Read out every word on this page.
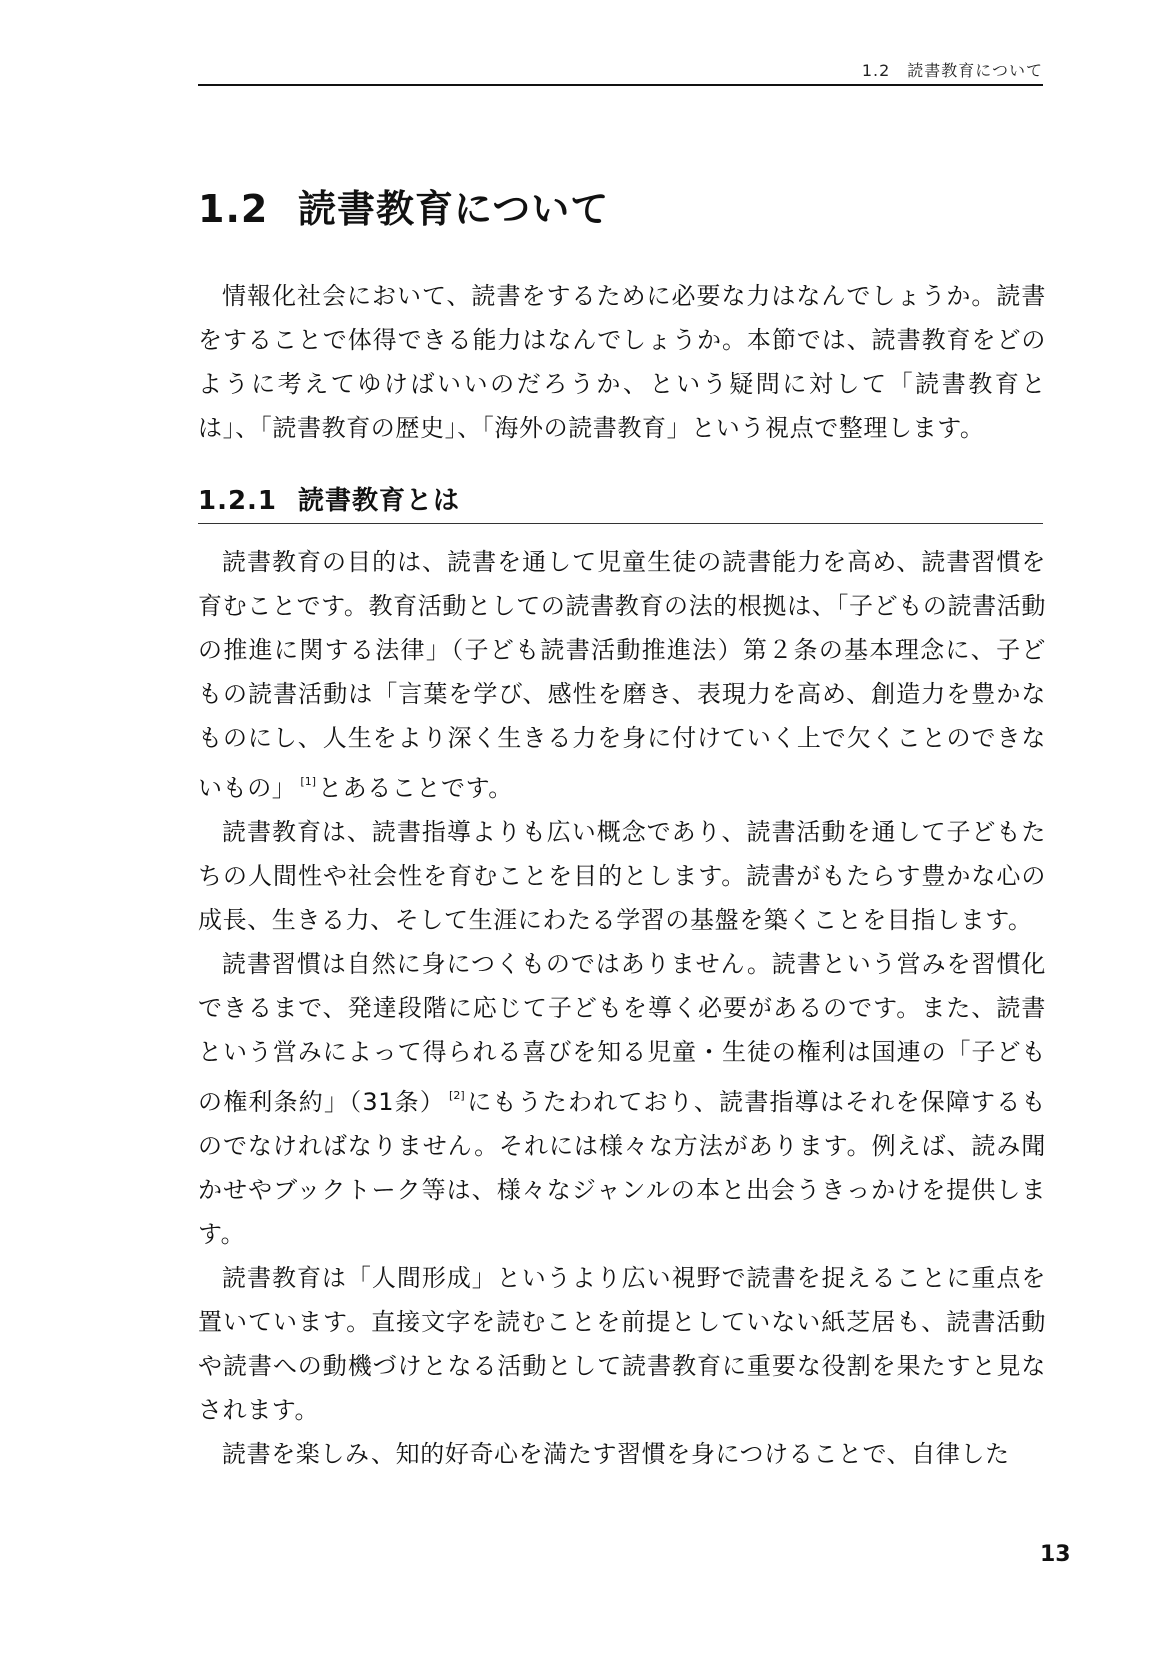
1.2　読書教育について
1.2 読書教育について

情報化社会において、読書をするために必要な力はなんでしょうか。読書をすることで体得できる能力はなんでしょうか。本節では、読書教育をどのように考えてゆけばいいのだろうか、という疑問に対して「読書教育とは」、「読書教育の歴史」、「海外の読書教育」という視点で整理します。

1.2.1 読書教育とは

読書教育の目的は、読書を通して児童生徒の読書能力を高め、読書習慣を育むことです。教育活動としての読書教育の法的根拠は、「子どもの読書活動の推進に関する法律」（子ども読書活動推進法）第２条の基本理念に、子どもの読書活動は「言葉を学び、感性を磨き、表現力を高め、創造力を豊かなものにし、人生をより深く生きる力を身に付けていく上で欠くことのできないもの」 [1]とあることです。

読書教育は、読書指導よりも広い概念であり、読書活動を通して子どもたちの人間性や社会性を育むことを目的とします。読書がもたらす豊かな心の成長、生きる力、そして生涯にわたる学習の基盤を築くことを目指します。

読書習慣は自然に身につくものではありません。読書という営みを習慣化できるまで、発達段階に応じて子どもを導く必要があるのです。また、読書という営みによって得られる喜びを知る児童・生徒の権利は国連の「子どもの権利条約」（31条） [2]にもうたわれており、読書指導はそれを保障するものでなければなりません。それには様々な方法があります。例えば、読み聞かせやブックトーク等は、様々なジャンルの本と出会うきっかけを提供します。

読書教育は「人間形成」というより広い視野で読書を捉えることに重点を置いています。直接文字を読むことを前提としていない紙芝居も、読書活動や読書への動機づけとなる活動として読書教育に重要な役割を果たすと見なされます。

読書を楽しみ、知的好奇心を満たす習慣を身につけることで、自律した

13
